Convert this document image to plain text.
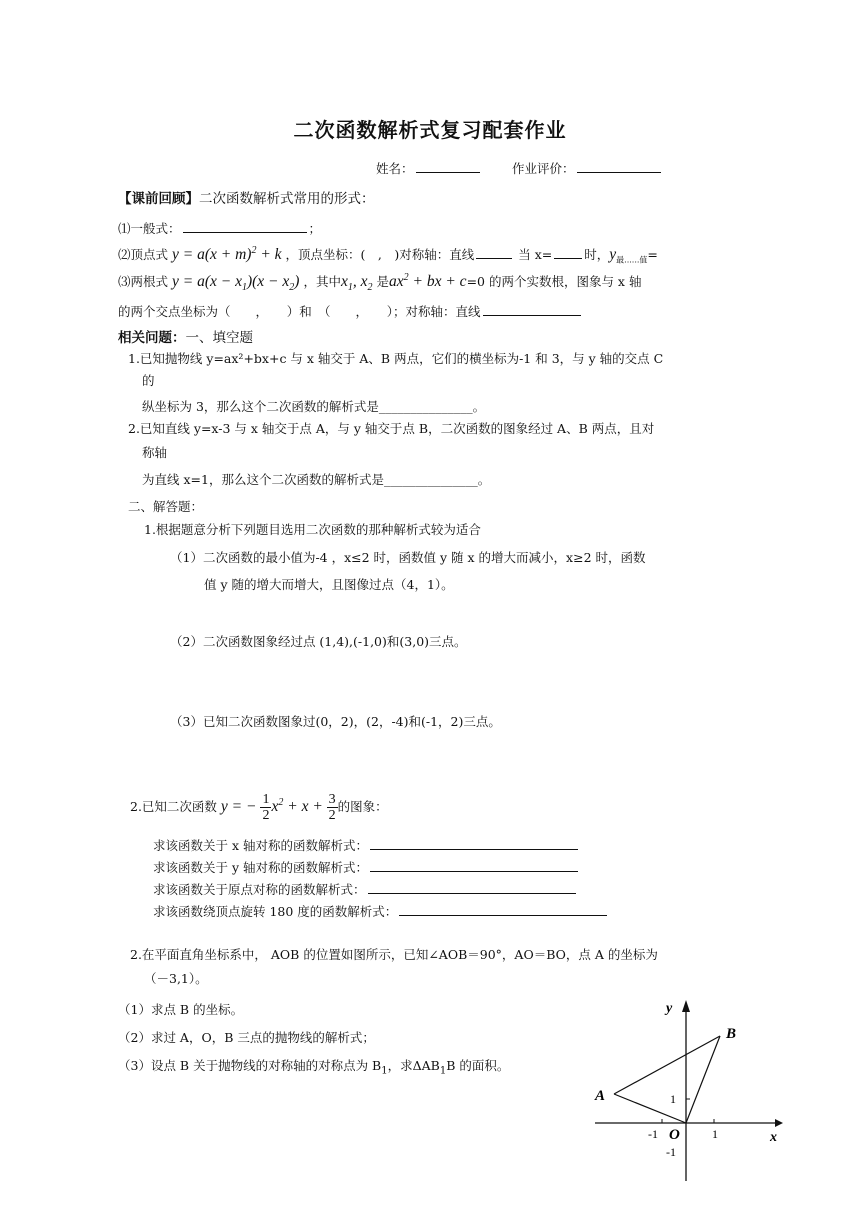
二次函数解析式复习配套作业
姓名：	作业评价：
【课前回顾】二次函数解析式常用的形式：
⑴一般式：	；
⑵顶点式 $y = a(x + m)^2 + k$ ，顶点坐标：(　,　)对称轴：直线	当 x=	时，$y_{最......值}=$
⑶两根式 $y = a(x - x_1)(x - x_2)$ ，其中$x_1$, $x_2$ 是$ax^2$ + bx + c=0 的两个实数根，图象与 x 轴
的两个交点坐标为（　　，　　）和　（　　，　　）；对称轴：直线
相关问题：一、填空题
1.已知抛物线 y=ax²+bx+c 与 x 轴交于 A、B 两点，它们的横坐标为-1 和 3，与 y 轴的交点 C
的
纵坐标为 3，那么这个二次函数的解析式是_______________。
2.已知直线 y=x-3 与 x 轴交于点 A，与 y 轴交于点 B，二次函数的图象经过 A、B 两点，且对
称轴
为直线 x=1，那么这个二次函数的解析式是_______________。
二、解答题：
1.根据题意分析下列题目选用二次函数的那种解析式较为适合
（1）二次函数的最小值为-4 ，x≤2 时，函数值 y 随 x 的增大而减小，x≥2 时，函数
值 y 随的增大而增大，且图像过点（4，1）。
（2）二次函数图象经过点 (1,4),(-1,0)和(3,0)三点。
（3）已知二次函数图象过(0，2)，(2，-4)和(-1，2)三点。
2.已知二次函数 y = − $\frac{1}{2} x^2 + x + \frac{3}{2}$ 的图象：
求该函数关于 x 轴对称的函数解析式：
求该函数关于 y 轴对称的函数解析式：
求该函数关于原点对称的函数解析式：
求该函数绕顶点旋转 180 度的函数解析式：
2.在平面直角坐标系中， AOB 的位置如图所示，已知∠AOB＝90°，AO＝BO，点 A 的坐标为
（－3,1）。
（1）求点 B 的坐标。
（2）求过 A，O，B 三点的抛物线的解析式；
（3）设点 B 关于抛物线的对称轴的对称点为 $B_1$，求$\Delta AB_1B$ 的面积。
y
x
A
B
O
1
-1	1
-1
